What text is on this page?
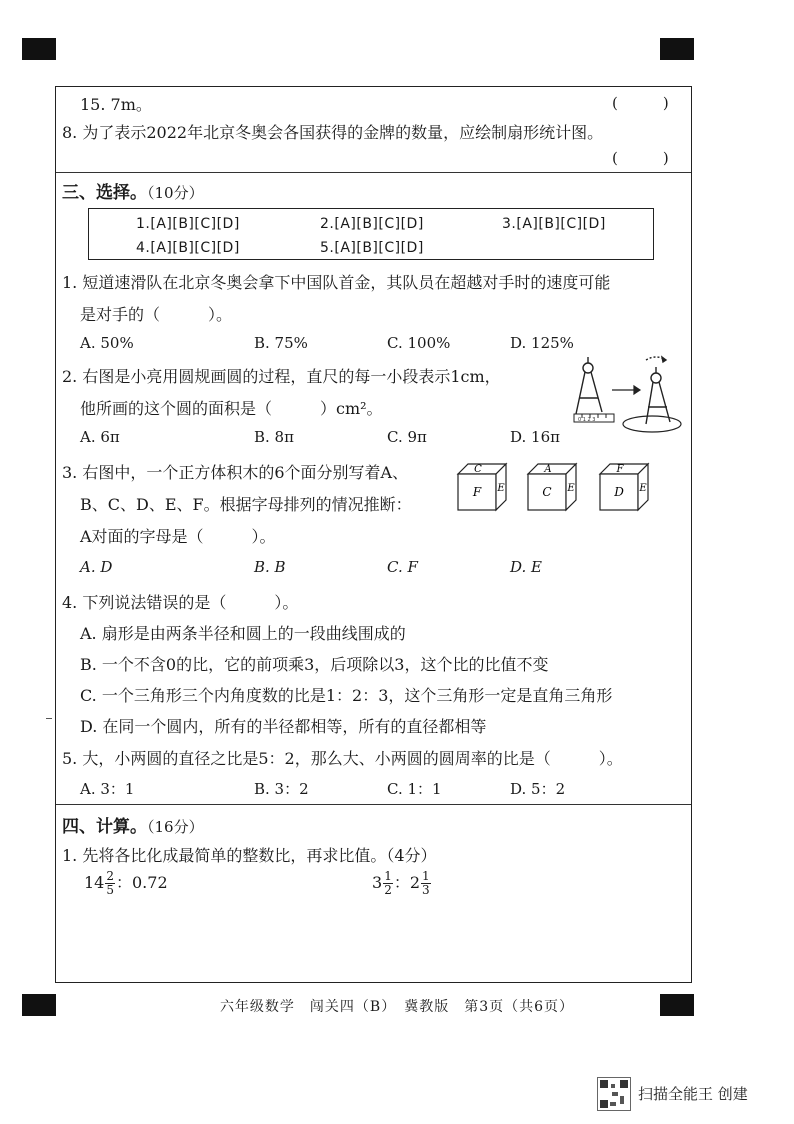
15. 7m。	(　　　)
8. 为了表示2022年北京冬奥会各国获得的金牌的数量，应绘制扇形统计图。
(　　　)
三、选择。（10分）
1.[A][B][C][D]	2.[A][B][C][D]	3.[A][B][C][D]
4.[A][B][C][D]	5.[A][B][C][D]
1. 短道速滑队在北京冬奥会拿下中国队首金，其队员在超越对手时的速度可能
是对手的（　　　）。
A. 50%	B. 75%	C. 100%	D. 125%
2. 右图是小亮用圆规画圆的过程，直尺的每一小段表示1cm，
他所画的这个圆的面积是（　　　）cm²。
A. 6π	B. 8π	C. 9π	D. 16π
0 1 2 3
3. 右图中，一个正方体积木的6个面分别写着A、
B、C、D、E、F。根据字母排列的情况推断：
A对面的字母是（　　　）。
C
F E
A
C E
F
D E
A. D	B. B	C. F	D. E
4. 下列说法错误的是（　　　）。
A. 扇形是由两条半径和圆上的一段曲线围成的
B. 一个不含0的比，它的前项乘3，后项除以3，这个比的比值不变
C. 一个三角形三个内角度数的比是1：2：3，这个三角形一定是直角三角形
D. 在同一个圆内，所有的半径都相等，所有的直径都相等
5. 大，小两圆的直径之比是5：2，那么大、小两圆的圆周率的比是（　　　）。
A. 3：1	B. 3：2	C. 1：1	D. 5：2
四、计算。（16分）
1. 先将各比化成最简单的整数比，再求比值。（4分）
$14 \frac{2}{5}$ ：0.72	$3 \frac{1}{2}$ ：$2 \frac{1}{3}$
六年级数学　闯关四（B）　冀教版　第3页（共6页）
扫描全能王 创建
